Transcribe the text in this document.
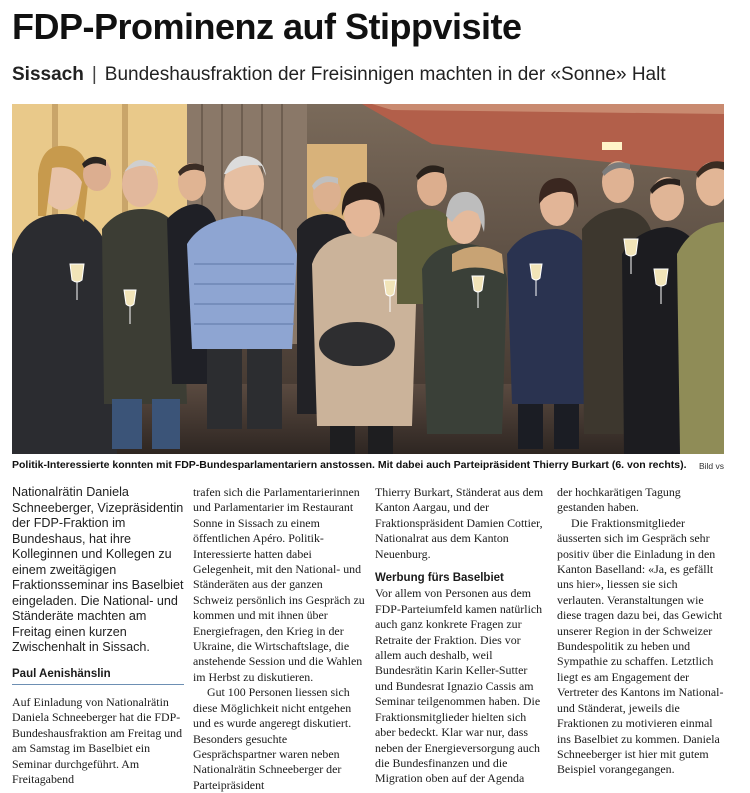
FDP-Prominenz auf Stippvisite
Sissach | Bundeshausfraktion der Freisinnigen machten in der «Sonne» Halt
Politik-Interessierte konnten mit FDP-Bundesparlamentariern anstossen. Mit dabei auch Parteipräsident Thierry Burkart (6. von rechts).	Bild vs

Nationalrätin Daniela Schneeberger, Vizepräsidentin der FDP-Fraktion im Bundeshaus, hat ihre Kolleginnen und Kollegen zu einem zweitägigen Fraktionsseminar ins Baselbiet eingeladen. Die National- und Ständeräte machten am Freitag einen kurzen Zwischenhalt in Sissach.

Paul Aenishänslin

Auf Einladung von Nationalrätin Daniela Schneeberger hat die FDP-Bundeshausfraktion am Freitag und am Samstag im Baselbiet ein Seminar durchgeführt. Am Freitagabend

trafen sich die Parlamentarierinnen und Parlamentarier im Restaurant Sonne in Sissach zu einem öffentlichen Apéro. Politik-Interessierte hatten dabei Gelegenheit, mit den National- und Ständeräten aus der ganzen Schweiz persönlich ins Gespräch zu kommen und mit ihnen über Energiefragen, den Krieg in der Ukraine, die Wirtschaftslage, die anstehende Session und die Wahlen im Herbst zu diskutieren.

Gut 100 Personen liessen sich diese Möglichkeit nicht entgehen und es wurde angeregt diskutiert. Besonders gesuchte Gesprächspartner waren neben Nationalrätin Schneeberger der Parteipräsident

Thierry Burkart, Ständerat aus dem Kanton Aargau, und der Fraktionspräsident Damien Cottier, Nationalrat aus dem Kanton Neuenburg.

Werbung fürs Baselbiet

Vor allem von Personen aus dem FDP-Parteiumfeld kamen natürlich auch ganz konkrete Fragen zur Retraite der Fraktion. Dies vor allem auch deshalb, weil Bundesrätin Karin Keller-Sutter und Bundesrat Ignazio Cassis am Seminar teilgenommen haben. Die Fraktionsmitglieder hielten sich aber bedeckt. Klar war nur, dass neben der Energieversorgung auch die Bundesfinanzen und die Migration oben auf der Agenda

der hochkarätigen Tagung gestanden haben.

Die Fraktionsmitglieder äusserten sich im Gespräch sehr positiv über die Einladung in den Kanton Baselland: «Ja, es gefällt uns hier», liessen sie sich verlauten. Veranstaltungen wie diese tragen dazu bei, das Gewicht unserer Region in der Schweizer Bundespolitik zu heben und Sympathie zu schaffen. Letztlich liegt es am Engagement der Vertreter des Kantons im National- und Ständerat, jeweils die Fraktionen zu motivieren einmal ins Baselbiet zu kommen. Daniela Schneeberger ist hier mit gutem Beispiel vorangegangen.
